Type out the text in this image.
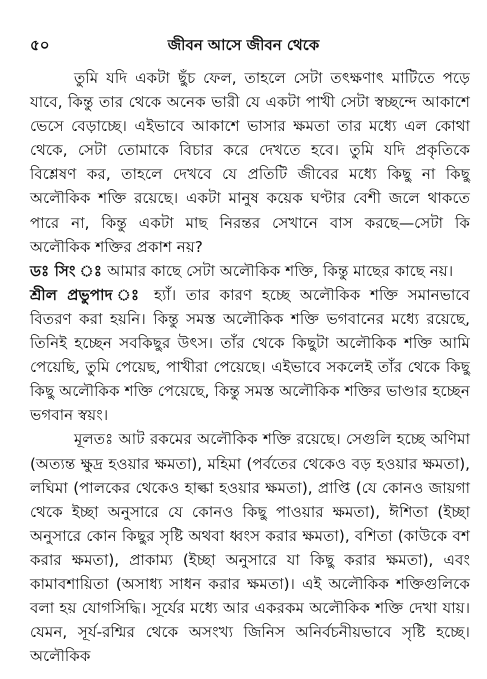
৫০	জীবন আসে জীবন থেকে

তুমি যদি একটা ছুঁচ ফেল, তাহলে সেটা তৎক্ষণাৎ মাটিতে পড়ে যাবে, কিন্তু তার থেকে অনেক ভারী যে একটা পাখী সেটা স্বচ্ছন্দে আকাশে ভেসে বেড়াচ্ছে। এইভাবে আকাশে ভাসার ক্ষমতা তার মধ্যে এল কোথা থেকে, সেটা তোমাকে বিচার করে দেখতে হবে। তুমি যদি প্রকৃতিকে বিশ্লেষণ কর, তাহলে দেখবে যে প্রতিটি জীবের মধ্যে কিছু না কিছু অলৌকিক শক্তি রয়েছে। একটা মানুষ কয়েক ঘণ্টার বেশী জলে থাকতে পারে না, কিন্তু একটা মাছ নিরন্তর সেখানে বাস করছে—সেটা কি অলৌকিক শক্তির প্রকাশ নয়?

ডঃ সিং ঃ আমার কাছে সেটা অলৌকিক শক্তি, কিন্তু মাছের কাছে নয়।

শ্রীল প্রভুপাদ ঃ হ্যাঁ। তার কারণ হচ্ছে অলৌকিক শক্তি সমানভাবে বিতরণ করা হয়নি। কিন্তু সমস্ত অলৌকিক শক্তি ভগবানের মধ্যে রয়েছে, তিনিই হচ্ছেন সবকিছুর উৎস। তাঁর থেকে কিছুটা অলৌকিক শক্তি আমি পেয়েছি, তুমি পেয়েছ, পাখীরা পেয়েছে। এইভাবে সকলেই তাঁর থেকে কিছু কিছু অলৌকিক শক্তি পেয়েছে, কিন্তু সমস্ত অলৌকিক শক্তির ভাণ্ডার হচ্ছেন ভগবান স্বয়ং।

মূলতঃ আট রকমের অলৌকিক শক্তি রয়েছে। সেগুলি হচ্ছে অণিমা (অত্যন্ত ক্ষুদ্র হওয়ার ক্ষমতা), মহিমা (পর্বতের থেকেও বড় হওয়ার ক্ষমতা), লঘিমা (পালকের থেকেও হাল্কা হওয়ার ক্ষমতা), প্রাপ্তি (যে কোনও জায়গা থেকে ইচ্ছা অনুসারে যে কোনও কিছু পাওয়ার ক্ষমতা), ঈশিতা (ইচ্ছা অনুসারে কোন কিছুর সৃষ্টি অথবা ধ্বংস করার ক্ষমতা), বশিতা (কাউকে বশ করার ক্ষমতা), প্রাকাম্য (ইচ্ছা অনুসারে যা কিছু করার ক্ষমতা), এবং কামাবশায়িতা (অসাধ্য সাধন করার ক্ষমতা)। এই অলৌকিক শক্তিগুলিকে বলা হয় যোগসিদ্ধি। সূর্যের মধ্যে আর একরকম অলৌকিক শক্তি দেখা যায়। যেমন, সূর্য-রশ্মির থেকে অসংখ্য জিনিস অনির্বচনীয়ভাবে সৃষ্টি হচ্ছে। অলৌকিক
